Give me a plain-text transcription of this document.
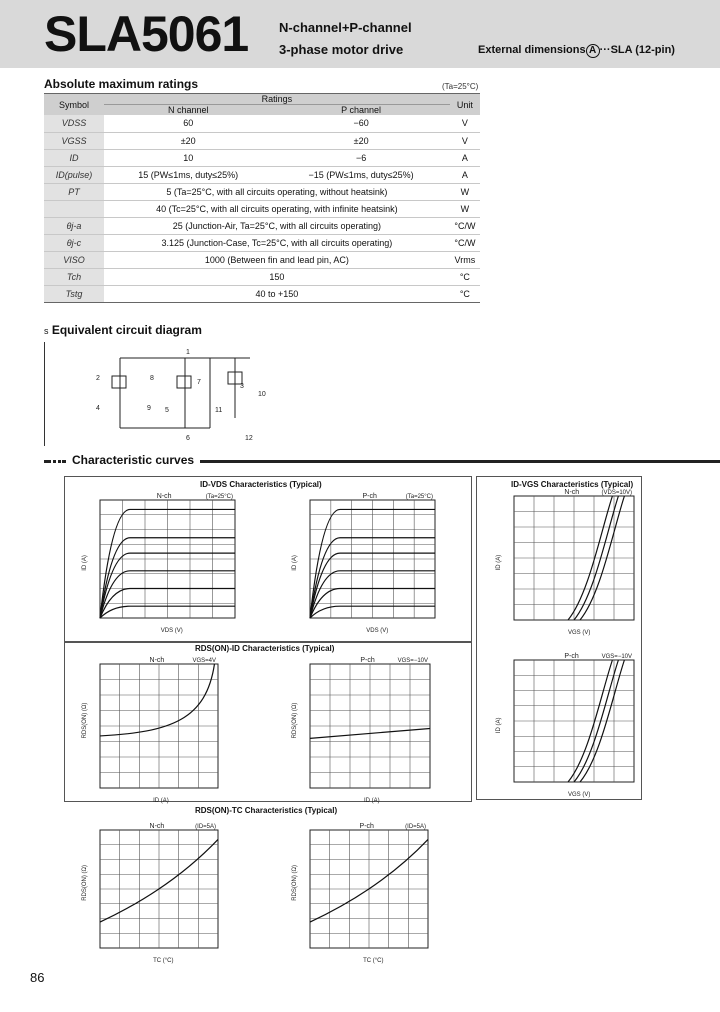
SLA5061 N-channel+P-channel
3-phase motor drive	External dimensions A ···SLA (12-pin)
Absolute maximum ratings	(Ta=25°C)
Symbol	Ratings		Unit
	N channel	P channel	
VDSS	60	−60	V
VGSS	±20	±20	V
ID	10	−6	A
ID(pulse)	15 (PW≤1ms, duty≤25%)	−15 (PW≤1ms, duty≤25%)	A
PT	5 (Ta=25°C, with all circuits operating, without heatsink)		W
	40 (Tc=25°C, with all circuits operating, with infinite heatsink)		W
θj-a	25 (Junction-Air, Ta=25°C, with all circuits operating)		°C/W
θj-c	3.125 (Junction-Case, Tc=25°C, with all circuits operating)		°C/W
VISO	1000 (Between fin and lead pin, AC)		Vrms
Tch	150		°C
Tstg	40 to +150		°C
s Equivalent circuit diagram
1
2
3
4	5
6
7
8
9
10
11
12
Characteristic curves
ID-VDS Characteristics (Typical)
RDS(ON)-ID Characteristics (Typical)
RDS(ON)-TC Characteristics (Typical)
ID-VGS Characteristics (Typical)
N-ch	(Ta=25°C)
VDS (V)
ID (A)
P-ch	(Ta=25°C)
VDS (V)
ID (A)
N-ch	VGS=4V
ID (A)
RDS(ON) (Ω)
P-ch	VGS=−10V
ID (A)
RDS(ON) (Ω)
N-ch	(ID=5A)
TC (°C)
RDS(ON) (Ω)
P-ch	(ID=5A)
TC (°C)
RDS(ON) (Ω)
N-ch	(VDS=10V)
VGS (V)
ID (A)
P-ch	VGS=−10V
VGS (V)
ID (A)
86
